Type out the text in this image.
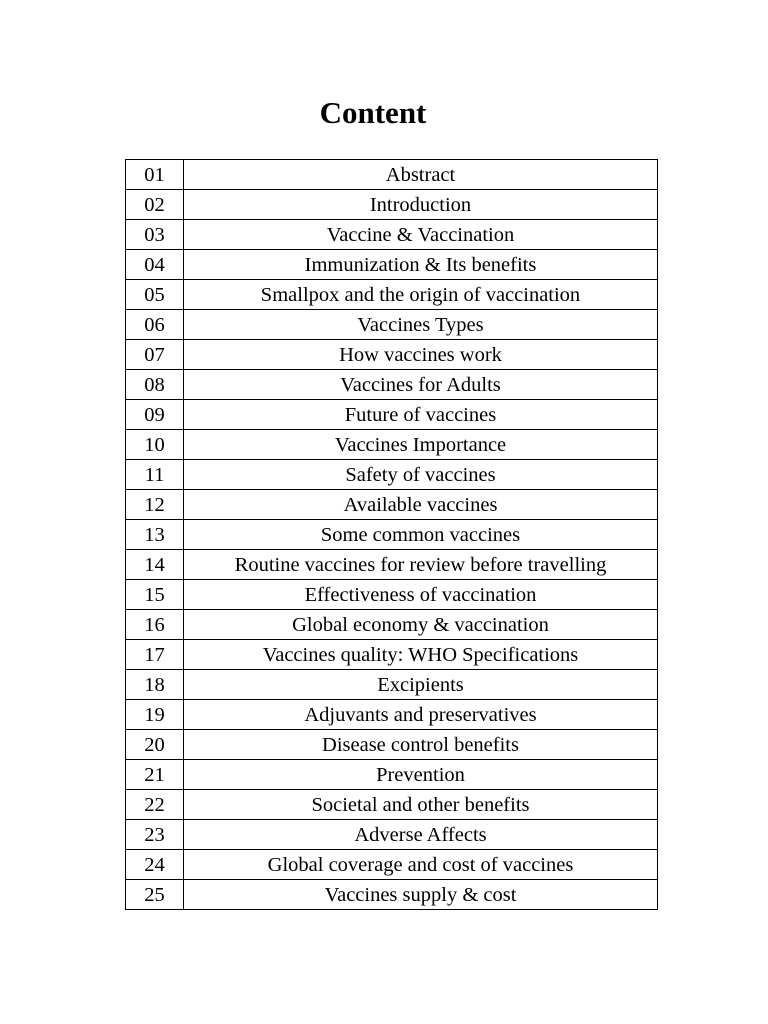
Content
01	Abstract
02	Introduction
03	Vaccine & Vaccination
04	Immunization & Its benefits
05	Smallpox and the origin of vaccination
06	Vaccines Types
07	How vaccines work
08	Vaccines for Adults
09	Future of vaccines
10	Vaccines Importance
11	Safety of vaccines
12	Available vaccines
13	Some common vaccines
14	Routine vaccines for review before travelling
15	Effectiveness of vaccination
16	Global economy & vaccination
17	Vaccines quality: WHO Specifications
18	Excipients
19	Adjuvants and preservatives
20	Disease control benefits
21	Prevention
22	Societal and other benefits
23	Adverse Affects
24	Global coverage and cost of vaccines
25	Vaccines supply & cost
